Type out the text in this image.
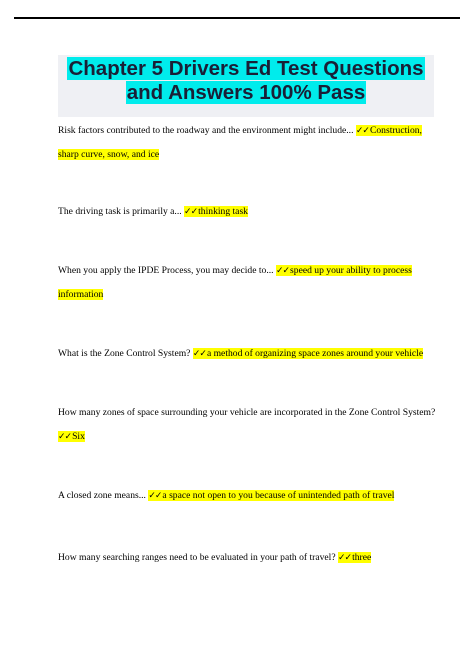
Chapter 5 Drivers Ed Test Questions and Answers 100% Pass

Risk factors contributed to the roadway and the environment might include... ✓✓Construction, sharp curve, snow, and ice

The driving task is primarily a... ✓✓thinking task

When you apply the IPDE Process, you may decide to... ✓✓speed up your ability to process information

What is the Zone Control System? ✓✓a method of organizing space zones around your vehicle

How many zones of space surrounding your vehicle are incorporated in the Zone Control System? ✓✓Six

A closed zone means... ✓✓a space not open to you because of unintended path of travel

How many searching ranges need to be evaluated in your path of travel? ✓✓three
